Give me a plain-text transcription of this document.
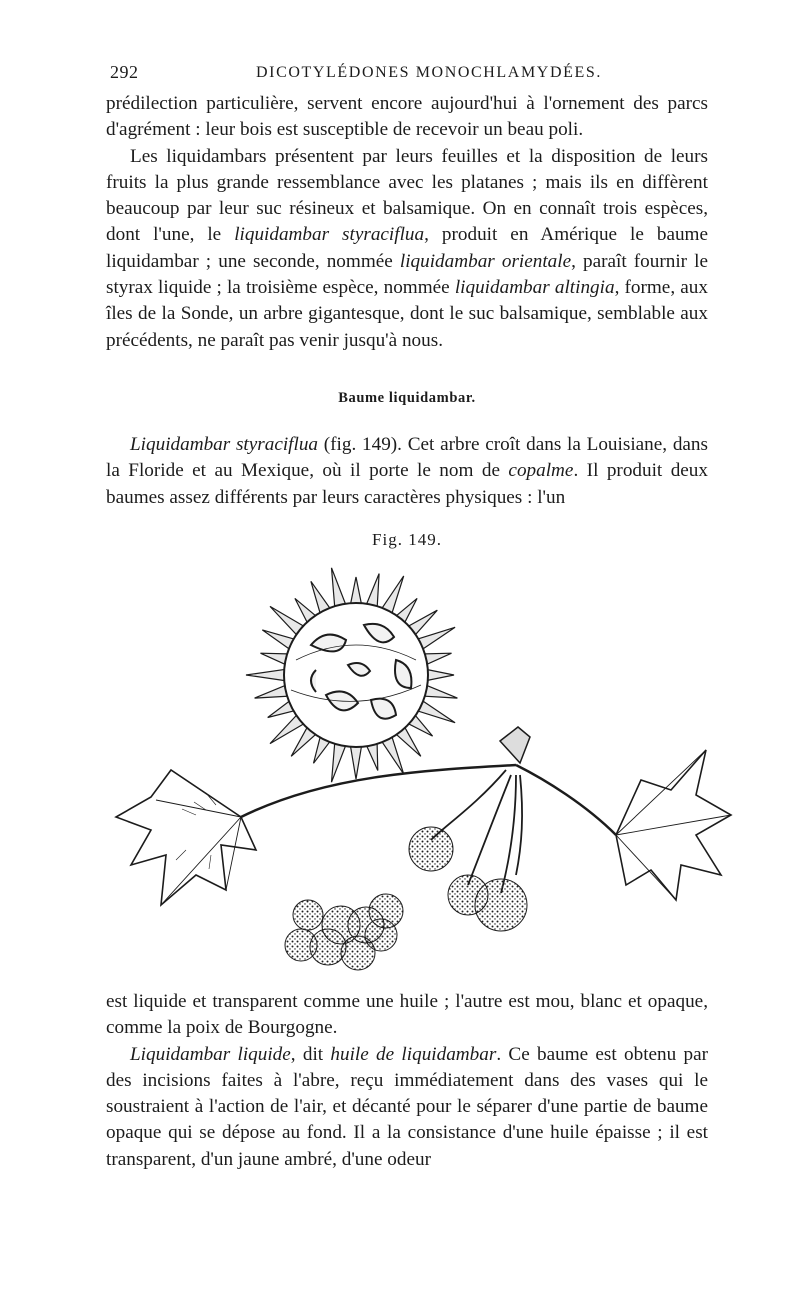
292	DICOTYLÉDONES MONOCHLAMYDÉES.

prédilection particulière, servent encore aujourd'hui à l'ornement des parcs d'agrément : leur bois est susceptible de recevoir un beau poli.

Les liquidambars présentent par leurs feuilles et la disposition de leurs fruits la plus grande ressemblance avec les platanes ; mais ils en diffèrent beaucoup par leur suc résineux et balsamique. On en connaît trois espèces, dont l'une, le liquidambar styraciflua, produit en Amérique le baume liquidambar ; une seconde, nommée liquidambar orientale, paraît fournir le styrax liquide ; la troisième espèce, nommée liquidambar altingia, forme, aux îles de la Sonde, un arbre gigantesque, dont le suc balsamique, semblable aux précédents, ne paraît pas venir jusqu'à nous.

Baume liquidambar.

Liquidambar styraciflua (fig. 149). Cet arbre croît dans la Louisiane, dans la Floride et au Mexique, où il porte le nom de copalme. Il produit deux baumes assez différents par leurs caractères physiques : l'un

Fig. 149.

est liquide et transparent comme une huile ; l'autre est mou, blanc et opaque, comme la poix de Bourgogne.

Liquidambar liquide, dit huile de liquidambar. Ce baume est obtenu par des incisions faites à l'abre, reçu immédiatement dans des vases qui le soustraient à l'action de l'air, et décanté pour le séparer d'une partie de baume opaque qui se dépose au fond. Il a la consistance d'une huile épaisse ; il est transparent, d'un jaune ambré, d'une odeur
